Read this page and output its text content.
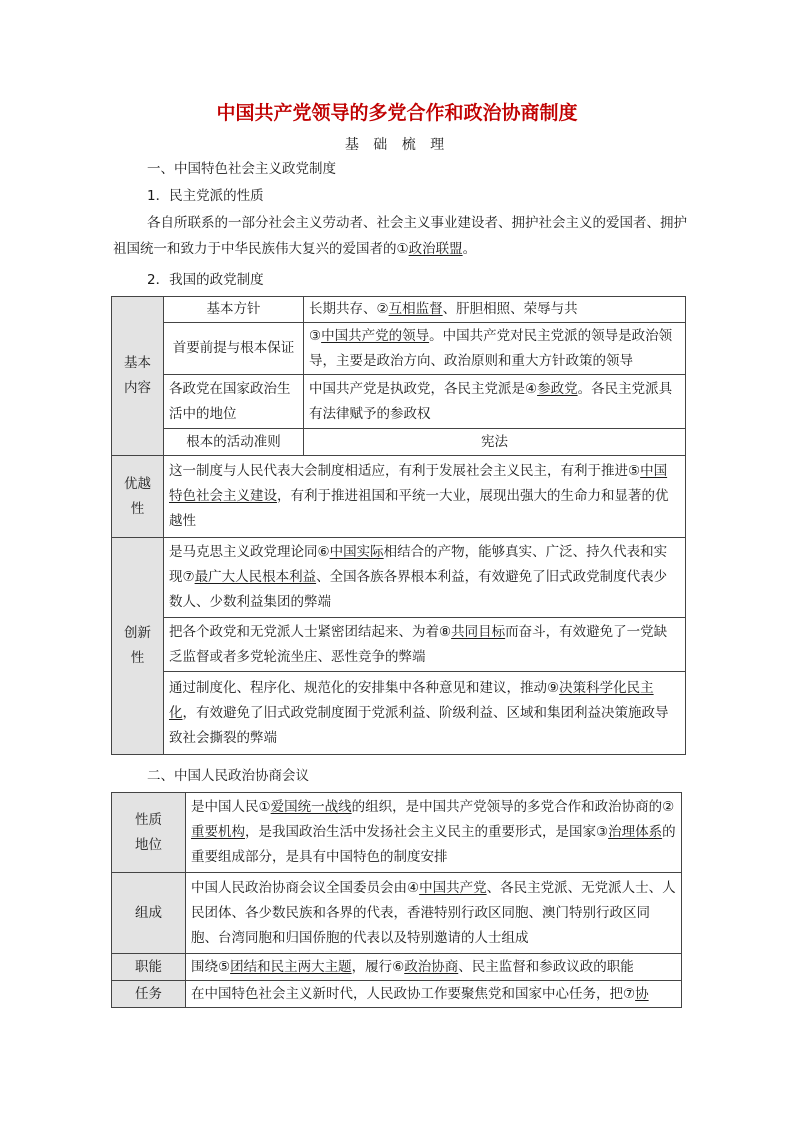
中国共产党领导的多党合作和政治协商制度
基 础 梳 理
一、中国特色社会主义政党制度
1．民主党派的性质
各自所联系的一部分社会主义劳动者、社会主义事业建设者、拥护社会主义的爱国者、拥护祖国统一和致力于中华民族伟大复兴的爱国者的①政治联盟。
2．我国的政党制度
基本内容	基本方针	长期共存、②互相监督、肝胆相照、荣辱与共
	首要前提与根本保证	③中国共产党的领导。中国共产党对民主党派的领导是政治领导，主要是政治方向、政治原则和重大方针政策的领导
	各政党在国家政治生活中的地位	中国共产党是执政党，各民主党派是④参政党。各民主党派具有法律赋予的参政权
	根本的活动准则	宪法
优越性	这一制度与人民代表大会制度相适应，有利于发展社会主义民主，有利于推进⑤中国特色社会主义建设，有利于推进祖国和平统一大业，展现出强大的生命力和显著的优越性	
创新性	是马克思主义政党理论同⑥中国实际相结合的产物，能够真实、广泛、持久代表和实现⑦最广大人民根本利益、全国各族各界根本利益，有效避免了旧式政党制度代表少数人、少数利益集团的弊端	
	把各个政党和无党派人士紧密团结起来、为着⑧共同目标而奋斗，有效避免了一党缺乏监督或者多党轮流坐庄、恶性竞争的弊端	
	通过制度化、程序化、规范化的安排集中各种意见和建议，推动⑨决策科学化民主化，有效避免了旧式政党制度囿于党派利益、阶级利益、区域和集团利益决策施政导致社会撕裂的弊端	
二、中国人民政治协商会议
性质地位	是中国人民①爱国统一战线的组织，是中国共产党领导的多党合作和政治协商的②重要机构，是我国政治生活中发扬社会主义民主的重要形式，是国家③治理体系的重要组成部分，是具有中国特色的制度安排
组成	中国人民政治协商会议全国委员会由④中国共产党、各民主党派、无党派人士、人民团体、各少数民族和各界的代表，香港特别行政区同胞、澳门特别行政区同胞、台湾同胞和归国侨胞的代表以及特别邀请的人士组成
职能	围绕⑤团结和民主两大主题，履行⑥政治协商、民主监督和参政议政的职能
任务	在中国特色社会主义新时代，人民政协工作要聚焦党和国家中心任务，把⑦协
